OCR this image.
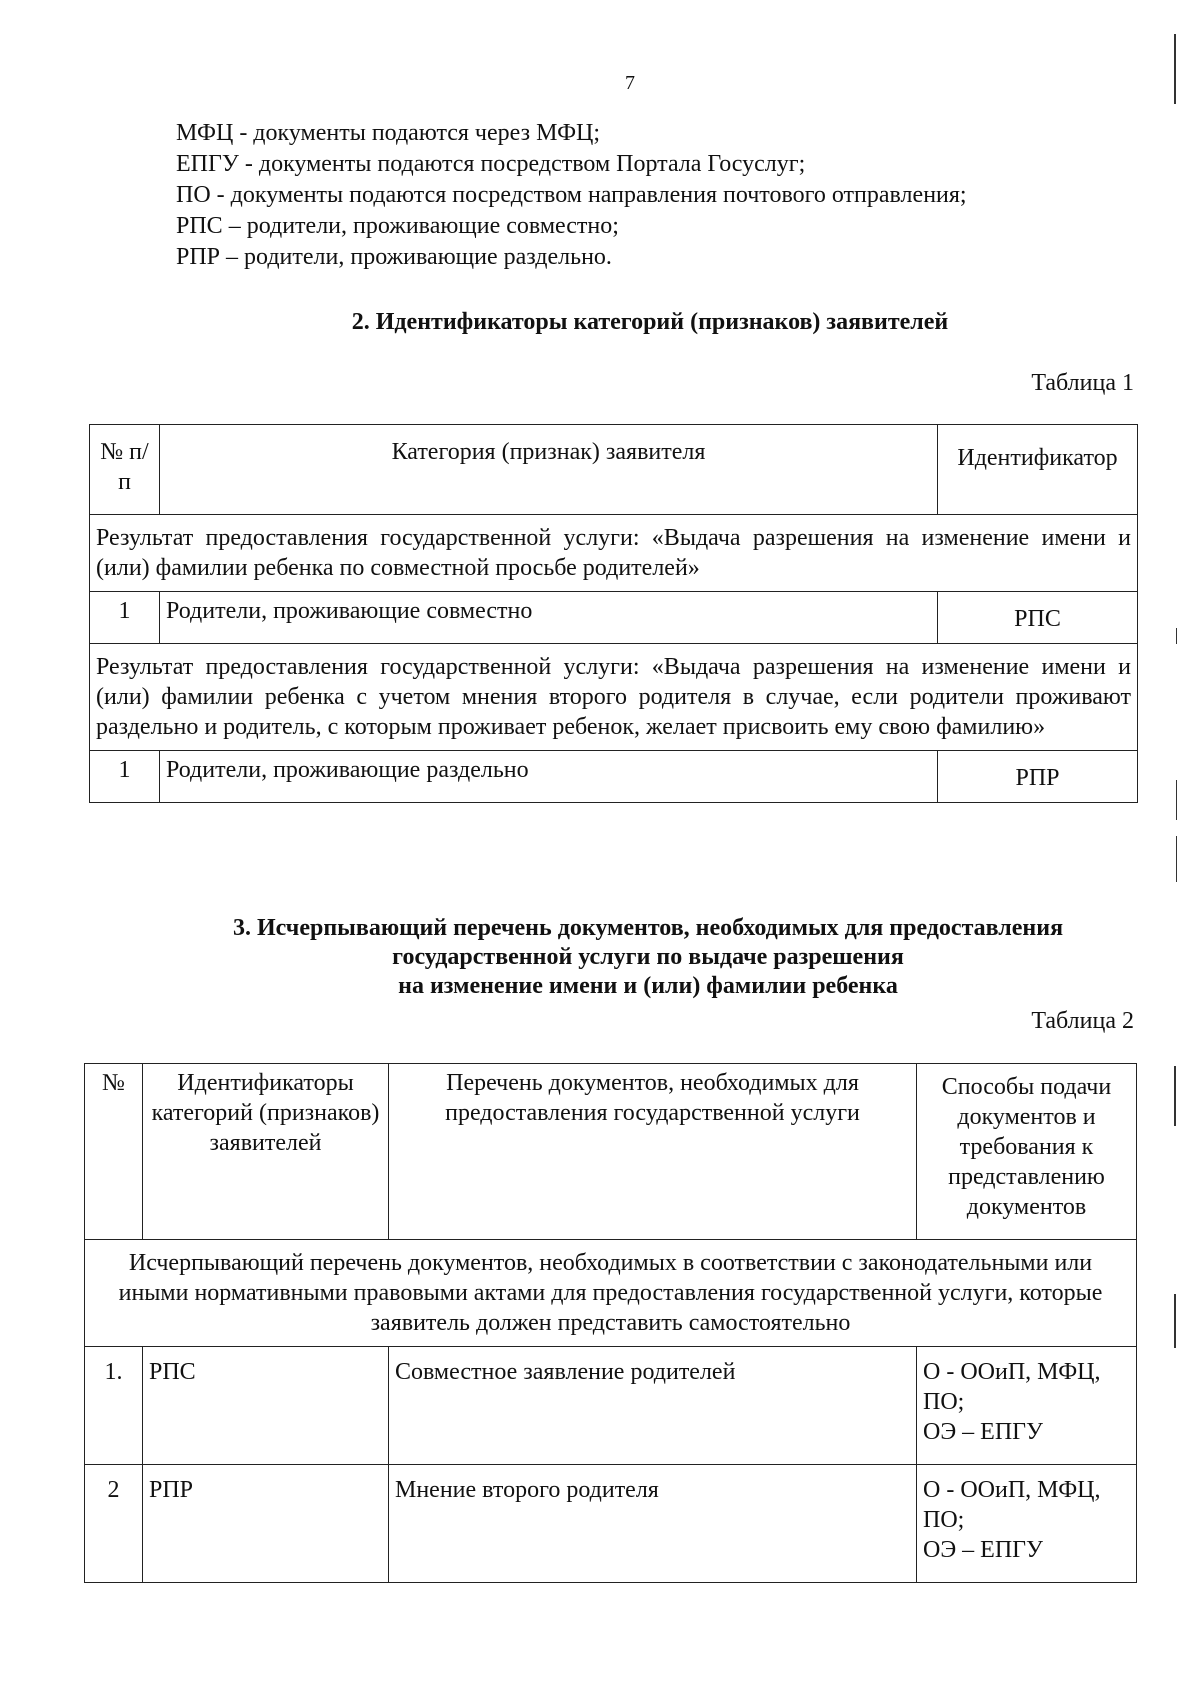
7
МФЦ - документы подаются через МФЦ;
ЕПГУ - документы подаются посредством Портала Госуслуг;
ПО - документы подаются посредством направления почтового отправления;
РПС – родители, проживающие совместно;
РПР – родители, проживающие раздельно.
2. Идентификаторы категорий (признаков) заявителей
Таблица 1
№ п/п	Категория (признак) заявителя	Идентификатор
Результат предоставления государственной услуги: «Выдача разрешения на изменение имени и (или) фамилии ребенка по совместной просьбе родителей»		
1	Родители, проживающие совместно	РПС
Результат предоставления государственной услуги: «Выдача разрешения на изменение имени и (или) фамилии ребенка с учетом мнения второго родителя в случае, если родители проживают раздельно и родитель, с которым проживает ребенок, желает присвоить ему свою фамилию»		
1	Родители, проживающие раздельно	РПР
3. Исчерпывающий перечень документов, необходимых для предоставления
государственной услуги по выдаче разрешения
на изменение имени и (или) фамилии ребенка
Таблица 2
№	Идентификаторы категорий (признаков) заявителей	Перечень документов, необходимых для предоставления государственной услуги	Способы подачи документов и требования к представлению документов
Исчерпывающий перечень документов, необходимых в соответствии с законодательными или иными нормативными правовыми актами для предоставления государственной услуги, которые заявитель должен представить самостоятельно			
1.	РПС	Совместное заявление родителей	О - ООиП, МФЦ,
ПО;
ОЭ – ЕПГУ

2	РПР	Мнение второго родителя	О - ООиП, МФЦ,
ПО;
ОЭ – ЕПГУ
